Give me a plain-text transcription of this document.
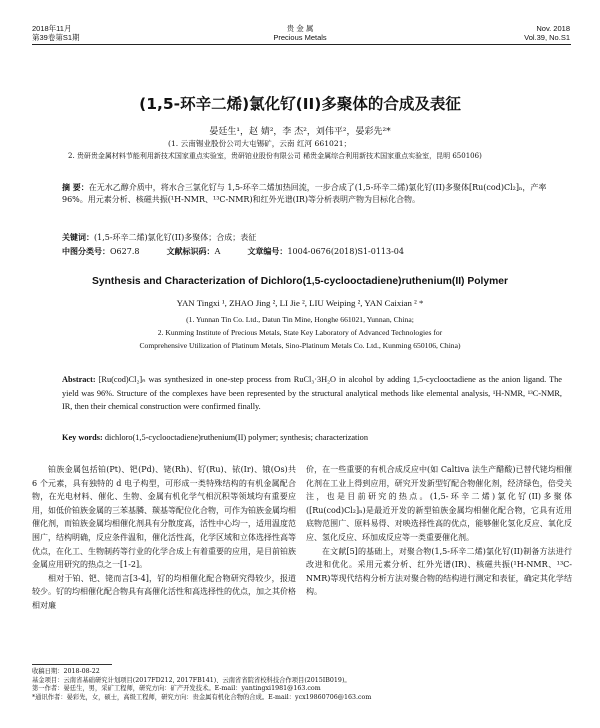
2018年11月
第39卷第S1期
贵 金 属
Precious Metals
Nov. 2018
Vol.39, No.S1
(1,5-环辛二烯)氯化钌(II)多聚体的合成及表征
晏廷生¹，赵 婧²，李 杰²，刘伟平²，晏彩先²*
(1. 云南锡业股份公司大屯锡矿，云南 红河 661021；
2. 贵研贵金属材料节能利用新技术国家重点实验室，贵研铂业股份有限公司 稀贵金属综合利用新技术国家重点实验室，昆明 650106)
摘 要：在无水乙醇介质中，将水合三氯化钌与 1,5-环辛二烯加热回流，一步合成了(1,5-环辛二烯)氯化钌(II)多聚体[Ru(cod)Cl₂]ₙ，产率 96%。用元素分析、核磁共振(¹H-NMR、¹³C-NMR)和红外光谱(IR)等分析表明产物为目标化合物。
关键词：(1,5-环辛二烯)氯化钌(II)多聚体；合成；表征
中图分类号：O627.8	文献标识码：A	文章编号：1004-0676(2018)S1-0113-04
Synthesis and Characterization of Dichloro(1,5-cyclooctadiene)ruthenium(II) Polymer
YAN Tingxi ¹, ZHAO Jing ², LI Jie ², LIU Weiping ², YAN Caixian ² *
(1. Yunnan Tin Co. Ltd., Datun Tin Mine, Honghe 661021, Yunnan, China;
2. Kunming Institute of Precious Metals, State Key Laboratory of Advanced Technologies for
Comprehensive Utilization of Platinum Metals, Sino-Platinum Metals Co. Ltd., Kunming 650106, China)
Abstract: [Ru(cod)Cl₂]ₙ was synthesized in one-step process from RuCl₃·3H₂O in alcohol by adding 1,5-cyclooctadiene as the anion ligand. The yield was 96%. Structure of the complexes have been represented by the structural analytical methods like elemental analysis, ¹H-NMR, ¹³C-NMR, IR, then their chemical construction were confirmed finally.
Key words: dichloro(1,5-cyclooctadiene)ruthenium(II) polymer; synthesis; characterization

铂族金属包括铂(Pt)、钯(Pd)、铑(Rh)、钌(Ru)、铱(Ir)、锇(Os)共 6 个元素，具有独特的 d 电子构型，可形成一类特殊结构的有机金属配合物，在光电材料、催化、生物、金属有机化学气相沉积等领域均有重要应用，如低价铂族金属的三苯基膦、羰基等配位化合物，可作为铂族金属均相催化剂，而铂族金属均相催化剂具有分散度高，活性中心均一，适用温度范围广，结构明确，反应条件温和，催化活性高，化学区域和立体选择性高等优点，在化工、生物制药等行业的化学合成上有着重要的应用，是目前铂族金属应用研究的热点之一[1-2]。

相对于铂、钯、铑而言[3-4]，钌的均相催化配合物研究得较少，报道较少。钌的均相催化配合物具有高催化活性和高选择性的优点，加之其价格相对廉

价，在一些重要的有机合成反应中(如 Caltiva 法生产醋酸)已替代铑均相催化剂在工业上得到应用，研究开发新型钌配合物催化剂，经济绿色，倍受关注，也是目前研究的热点。(1,5-环辛二烯)氯化钌(II)多聚体([Ru(cod)Cl₂]ₙ)是最近开发的新型铂族金属均相催化配合物，它具有近用底物范围广、原料易得、对映选择性高的优点，能够催化氢化反应、氧化反应、氢化反应、环加成反应等一类重要催化剂。

在文献[5]的基础上，对聚合物(1,5-环辛二烯)氯化钌(II)制备方法进行改进和优化。采用元素分析、红外光谱(IR)、核磁共振(¹H-NMR、¹³C-NMR)等现代结构分析方法对聚合物的结构进行测定和表征，确定其化学结构。

收稿日期：2018-08-22
基金项目：云南省基础研究计划项目(2017FD212, 2017FB141)、云南省省院省校科技合作项目(2015IB019)。
第一作者：晏廷生，男，采矿工程师，研究方向：矿产开发技术。E-mail：yantingxi1981@163.com
*通讯作者：晏彩先，女，硕士，高级工程师，研究方向：贵金属有机化合物的合成。E-mail：ycx19860706@163.com
